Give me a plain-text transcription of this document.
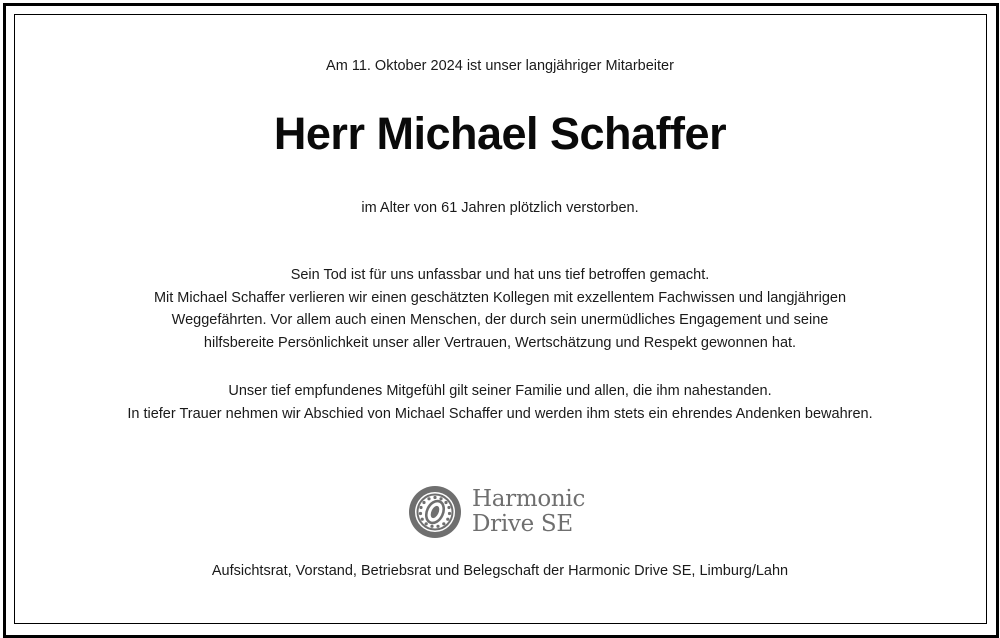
Am 11. Oktober 2024 ist unser langjähriger Mitarbeiter
Herr Michael Schaffer
im Alter von 61 Jahren plötzlich verstorben.
Sein Tod ist für uns unfassbar und hat uns tief betroffen gemacht.
Mit Michael Schaffer verlieren wir einen geschätzten Kollegen mit exzellentem Fachwissen und langjährigen
Weggefährten. Vor allem auch einen Menschen, der durch sein unermüdliches Engagement und seine
hilfsbereite Persönlichkeit unser aller Vertrauen, Wertschätzung und Respekt gewonnen hat.
Unser tief empfundenes Mitgefühl gilt seiner Familie und allen, die ihm nahestanden.
In tiefer Trauer nehmen wir Abschied von Michael Schaffer und werden ihm stets ein ehrendes Andenken bewahren.
Harmonic
Drive SE
Aufsichtsrat, Vorstand, Betriebsrat und Belegschaft der Harmonic Drive SE, Limburg/Lahn
